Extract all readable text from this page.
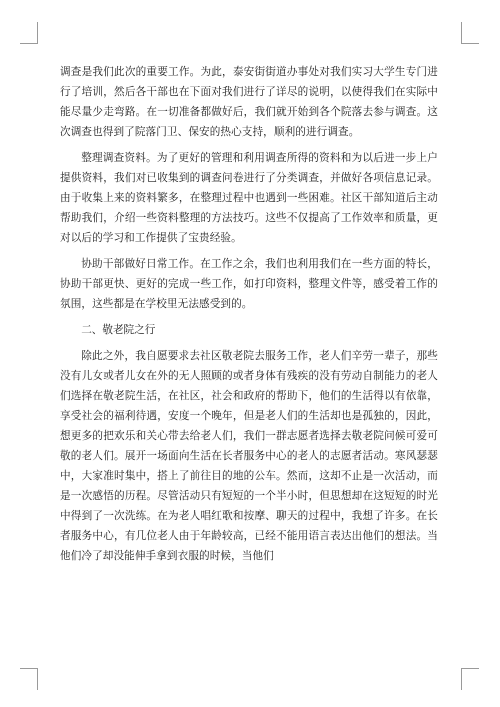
调查是我们此次的重要工作。为此，泰安街街道办事处对我们实习大学生专门进行了培训，然后各干部也在下面对我们进行了详尽的说明，以使得我们在实际中能尽量少走弯路。在一切准备都做好后，我们就开始到各个院落去参与调查。这次调查也得到了院落门卫、保安的热心支持，顺利的进行调查。

整理调查资料。为了更好的管理和利用调查所得的资料和为以后进一步上户提供资料，我们对已收集到的调查问卷进行了分类调查，并做好各项信息记录。由于收集上来的资料繁多，在整理过程中也遇到一些困难。社区干部知道后主动帮助我们，介绍一些资料整理的方法技巧。这些不仅提高了工作效率和质量，更对以后的学习和工作提供了宝贵经验。

协助干部做好日常工作。在工作之余，我们也利用我们在一些方面的特长，协助干部更快、更好的完成一些工作，如打印资料，整理文件等，感受着工作的氛围，这些都是在学校里无法感受到的。

二、敬老院之行

除此之外，我自愿要求去社区敬老院去服务工作，老人们辛劳一辈子，那些没有儿女或者儿女在外的无人照顾的或者身体有残疾的没有劳动自制能力的老人们选择在敬老院生活，在社区，社会和政府的帮助下，他们的生活得以有依靠，享受社会的福利待遇，安度一个晚年，但是老人们的生活却也是孤独的，因此，想更多的把欢乐和关心带去给老人们，我们一群志愿者选择去敬老院问候可爱可敬的老人们。展开一场面向生活在长者服务中心的老人的志愿者活动。寒风瑟瑟中，大家准时集中，搭上了前往目的地的公车。然而，这却不止是一次活动，而是一次感悟的历程。尽管活动只有短短的一个半小时，但思想却在这短短的时光中得到了一次洗练。在为老人唱红歌和按摩、聊天的过程中，我想了许多。在长者服务中心，有几位老人由于年龄较高，已经不能用语言表达出他们的想法。当他们冷了却没能伸手拿到衣服的时候，当他们
